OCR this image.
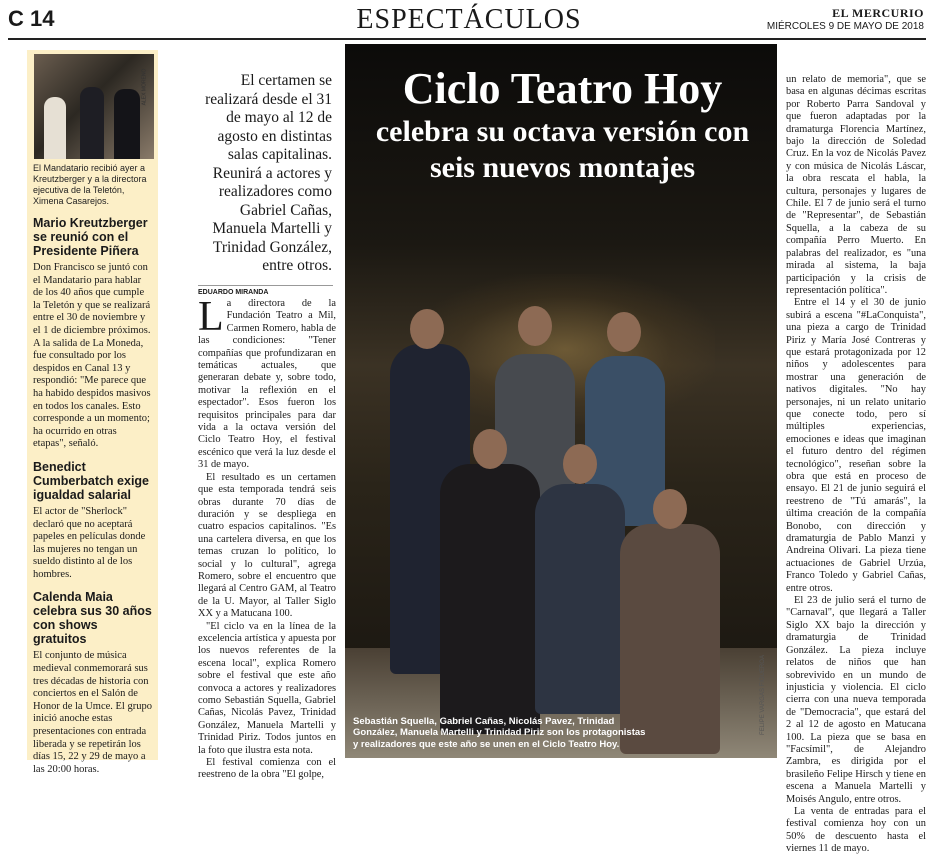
C 14	ESPECTÁCULOS	EL MERCURIO
MIÉRCOLES 9 DE MAYO DE 2018
ALEX MORENO
El Mandatario recibió ayer a Kreutzberger y a la directora ejecutiva de la Teletón, Ximena Casarejos.
Mario Kreutzberger se reunió con el Presidente Piñera

Don Francisco se juntó con el Mandatario para hablar de los 40 años que cumple la Teletón y que se realizará entre el 30 de noviembre y el 1 de diciembre próximos. A la salida de La Moneda, fue consultado por los despidos en Canal 13 y respondió: "Me parece que ha habido despidos masivos en todos los canales. Esto corresponde a un momento; ha ocurrido en otras etapas", señaló.

Benedict Cumberbatch exige igualdad salarial

El actor de "Sherlock" declaró que no aceptará papeles en películas donde las mujeres no tengan un sueldo distinto al de los hombres.

Calenda Maia celebra sus 30 años con shows gratuitos

El conjunto de música medieval conmemorará sus tres décadas de historia con conciertos en el Salón de Honor de la Umce. El grupo inició anoche estas presentaciones con entrada liberada y se repetirán los días 15, 22 y 29 de mayo a las 20:00 horas.

El certamen se realizará desde el 31 de mayo al 12 de agosto en distintas salas capitalinas. Reunirá a actores y realizadores como Gabriel Cañas, Manuela Martelli y Trinidad González, entre otros.
EDUARDO MIRANDA

La directora de la Fundación Teatro a Mil, Carmen Romero, habla de las condiciones: "Tener compañías que profundizaran en temáticas actuales, que generaran debate y, sobre todo, motivar la reflexión en el espectador". Esos fueron los requisitos principales para dar vida a la octava versión del Ciclo Teatro Hoy, el festival escénico que verá la luz desde el 31 de mayo.

El resultado es un certamen que esta temporada tendrá seis obras durante 70 días de duración y se despliega en cuatro espacios capitalinos. "Es una cartelera diversa, en que los temas cruzan lo político, lo social y lo cultural", agrega Romero, sobre el encuentro que llegará al Centro GAM, al Teatro de la U. Mayor, al Taller Siglo XX y a Matucana 100.

"El ciclo va en la línea de la excelencia artística y apuesta por los nuevos referentes de la escena local", explica Romero sobre el festival que este año convoca a actores y realizadores como Sebastián Squella, Gabriel Cañas, Nicolás Pavez, Trinidad González, Manuela Martelli y Trinidad Piriz. Todos juntos en la foto que ilustra esta nota.

El festival comienza con el reestreno de la obra "El golpe,

Ciclo Teatro Hoy
celebra su octava versión con seis nuevos montajes
Sebastián Squella, Gabriel Cañas, Nicolás Pavez, Trinidad González, Manuela Martelli y Trinidad Piriz son los protagonistas y realizadores que este año se unen en el Ciclo Teatro Hoy.
FELIPE VARGAS FIGUEROA

un relato de memoria", que se basa en algunas décimas escritas por Roberto Parra Sandoval y que fueron adaptadas por la dramaturga Florencia Martínez, bajo la dirección de Soledad Cruz. En la voz de Nicolás Pavez y con música de Nicolás Láscar, la obra rescata el habla, la cultura, personajes y lugares de Chile. El 7 de junio será el turno de "Representar", de Sebastián Squella, a la cabeza de su compañía Perro Muerto. En palabras del realizador, es "una mirada al sistema, la baja participación y la crisis de representación política".

Entre el 14 y el 30 de junio subirá a escena "#LaConquista", una pieza a cargo de Trinidad Piriz y María José Contreras y que estará protagonizada por 12 niños y adolescentes para mostrar una generación de nativos digitales. "No hay personajes, ni un relato unitario que conecte todo, pero sí múltiples experiencias, emociones e ideas que imaginan el futuro dentro del régimen tecnológico", reseñan sobre la obra que está en proceso de ensayo. El 21 de junio seguirá el reestreno de "Tú amarás", la última creación de la compañía Bonobo, con dirección y dramaturgia de Pablo Manzi y Andreina Olivari. La pieza tiene actuaciones de Gabriel Urzúa, Franco Toledo y Gabriel Cañas, entre otros.

El 23 de julio será el turno de "Carnaval", que llegará a Taller Siglo XX bajo la dirección y dramaturgia de Trinidad González. La pieza incluye relatos de niños que han sobrevivido en un mundo de injusticia y violencia. El ciclo cierra con una nueva temporada de "Democracia", que estará del 2 al 12 de agosto en Matucana 100. La pieza que se basa en "Facsímil", de Alejandro Zambra, es dirigida por el brasileño Felipe Hirsch y tiene en escena a Manuela Martelli y Moisés Angulo, entre otros.

La venta de entradas para el festival comienza hoy con un 50% de descuento hasta el viernes 11 de mayo.
